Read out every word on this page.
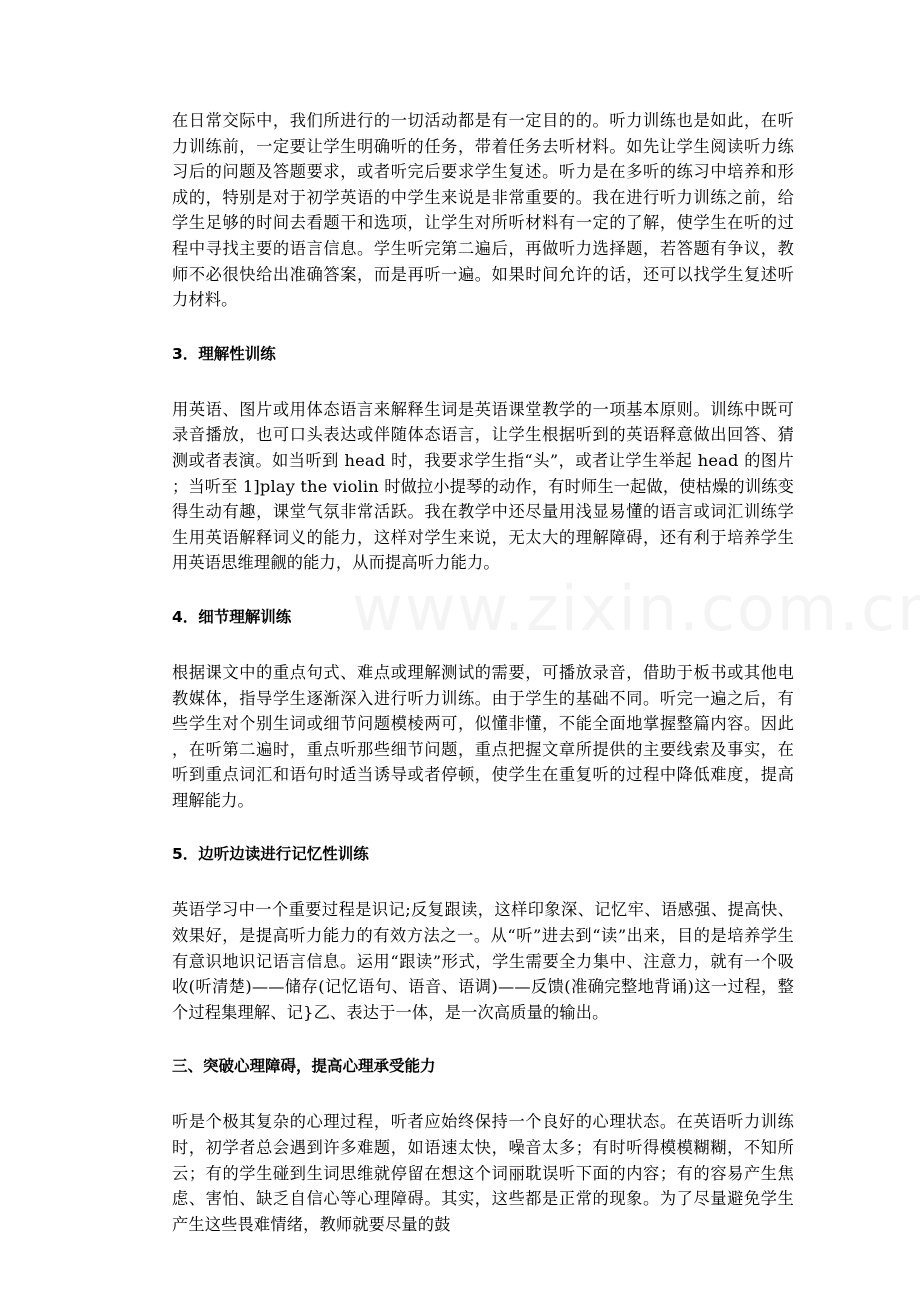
在日常交际中，我们所进行的一切活动都是有一定目的的。听力训练也是如此，在听力训练前，一定要让学生明确听的任务，带着任务去听材料。如先让学生阅读听力练习后的问题及答题要求，或者听完后要求学生复述。听力是在多听的练习中培养和形成的，特别是对于初学英语的中学生来说是非常重要的。我在进行听力训练之前，给学生足够的时间去看题干和选项，让学生对所听材料有一定的了解，使学生在听的过程中寻找主要的语言信息。学生听完第二遍后，再做听力选择题，若答题有争议，教师不必很快给出准确答案，而是再听一遍。如果时间允许的话，还可以找学生复述听力材料。

3．理解性训练

用英语、图片或用体态语言来解释生词是英语课堂教学的一项基本原则。训练中既可录音播放，也可口头表达或伴随体态语言，让学生根据听到的英语释意做出回答、猜测或者表演。如当听到 head 时，我要求学生指“头”，或者让学生举起 head 的图片；当听至 1]play the violin 时做拉小提琴的动作，有时师生一起做，使枯燥的训练变得生动有趣，课堂气氛非常活跃。我在教学中还尽量用浅显易懂的语言或词汇训练学生用英语解释词义的能力，这样对学生来说，无太大的理解障碍，还有利于培养学生用英语思维理觎的能力，从而提高听力能力。

4．细节理解训练

根据课文中的重点句式、难点或理解测试的需要，可播放录音，借助于板书或其他电教媒体，指导学生逐渐深入进行听力训练。由于学生的基础不同。听完一遍之后，有些学生对个别生词或细节问题模棱两可，似懂非懂，不能全面地掌握整篇内容。因此，在听第二遍时，重点听那些细节问题，重点把握文章所提供的主要线索及事实，在听到重点词汇和语句时适当诱导或者停顿，使学生在重复听的过程中降低难度，提高理解能力。

5．边听边读进行记忆性训练

英语学习中一个重要过程是识记;反复跟读，这样印象深、记忆牢、语感强、提高快、效果好，是提高听力能力的有效方法之一。从“听”进去到“读”出来，目的是培养学生有意识地识记语言信息。运用“跟读”形式，学生需要全力集中、注意力，就有一个吸收(听清楚)——储存(记忆语句、语音、语调)——反馈(准确完整地背诵)这一过程，整个过程集理解、记}乙、表达于一体，是一次高质量的输出。

三、突破心理障碍，提高心理承受能力

听是个极其复杂的心理过程，听者应始终保持一个良好的心理状态。在英语听力训练时，初学者总会遇到许多难题，如语速太快，噪音太多；有时听得模模糊糊，不知所云；有的学生碰到生词思维就停留在想这个词丽耽误听下面的内容；有的容易产生焦虑、害怕、缺乏自信心等心理障碍。其实，这些都是正常的现象。为了尽量避免学生产生这些畏难情绪，教师就要尽量的鼓
